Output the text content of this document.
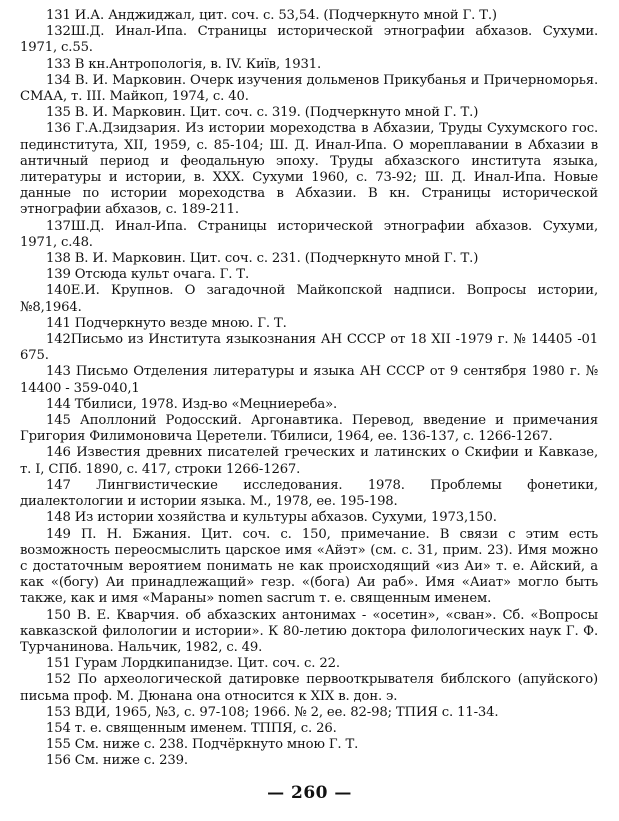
131 И.А. Анджиджал, цит. соч. с. 53,54. (Подчеркнуто мной Г. Т.)

132Ш.Д. Инал-Ипа. Страницы исторической этнографии абхазов. Сухуми. 1971, с.55.

133 В кн.Антропологія, в. IV. Київ, 1931.

134 В. И. Марковин. Очерк изучения дольменов Прикубанья и Причерноморья. СМАА, т. III. Майкоп, 1974, с. 40.

135 В. И. Марковин. Цит. соч. с. 319. (Подчеркнуто мной Г. Т.)

136 Г.А.Дзидзария. Из истории мореходства в Абхазии, Труды Сухумского гос. пединститута, XII, 1959, с. 85-104; Ш. Д. Инал-Ипа. О мореплавании в Абхазии в античный период и феодальную эпоху. Труды абхазского института языка, литературы и истории, в. XXX. Сухуми 1960, с. 73-92; Ш. Д. Инал-Ипа. Новые данные по истории мореходства в Абхазии. В кн. Страницы исторической этнографии абхазов, с. 189-211.

137Ш.Д. Инал-Ипа. Страницы исторической этнографии абхазов. Сухуми, 1971, с.48.

138 В. И. Марковин. Цит. соч. с. 231. (Подчеркнуто мной Г. Т.)

139 Отсюда культ очага. Г. Т.

140Е.И. Крупнов. О загадочной Майкопской надписи. Вопросы истории, №8,1964.

141 Подчеркнуто везде мною. Г. Т.

142Письмо из Института языкознания АН СССР от 18 XII -1979 г. № 14405 -01 675.

143 Письмо Отделения литературы и языка АН СССР от 9 сентября 1980 г. № 14400 - 359-040,1

144 Тбилиси, 1978. Изд-во «Мецниереба».

145 Аполлоний Родосский. Аргонавтика. Перевод, введение и примечания Григория Филимоновича Церетели. Тбилиси, 1964, ее. 136-137, с. 1266-1267.

146 Известия древних писателей греческих и латинских о Скифии и Кавказе, т. I, СПб. 1890, с. 417, строки 1266-1267.

147 Лингвистические исследования. 1978. Проблемы фонетики, диалектологии и истории языка. М., 1978, ее. 195-198.

148 Из истории хозяйства и культуры абхазов. Сухуми, 1973,150.

149 П. Н. Бжания. Цит. соч. с. 150, примечание. В связи с этим есть возможность переосмыслить царское имя «Айэт» (см. с. 31, прим. 23). Имя можно с достаточным вероятием понимать не как происходящий «из Аи» т. е. Айский, а как «(богу) Аи принадлежащий» гезр. «(бога) Аи раб». Имя «Аиат» могло быть также, как и имя «Мараны» nomen sacrum т. е. священным именем.

150 В. Е. Кварчия. об абхазских антонимах - «осетин», «сван». Сб. «Вопросы кавказской филологии и истории». К 80-летию доктора филологических наук Г. Ф. Турчанинова. Нальчик, 1982, с. 49.

151 Гурам Лордкипанидзе. Цит. соч. с. 22.

152 По археологической датировке первооткрывателя библского (апуйского) письма проф. М. Дюнана она относится к XIX в. дон. э.

153 ВДИ, 1965, №3, с. 97-108; 1966. № 2, ее. 82-98; ТПИЯ с. 11-34.

154 т. е. священным именем. ТППЯ, с. 26.

155 См. ниже с. 238. Подчёркнуто мною Г. Т.

156 См. ниже с. 239.

— 260 —
